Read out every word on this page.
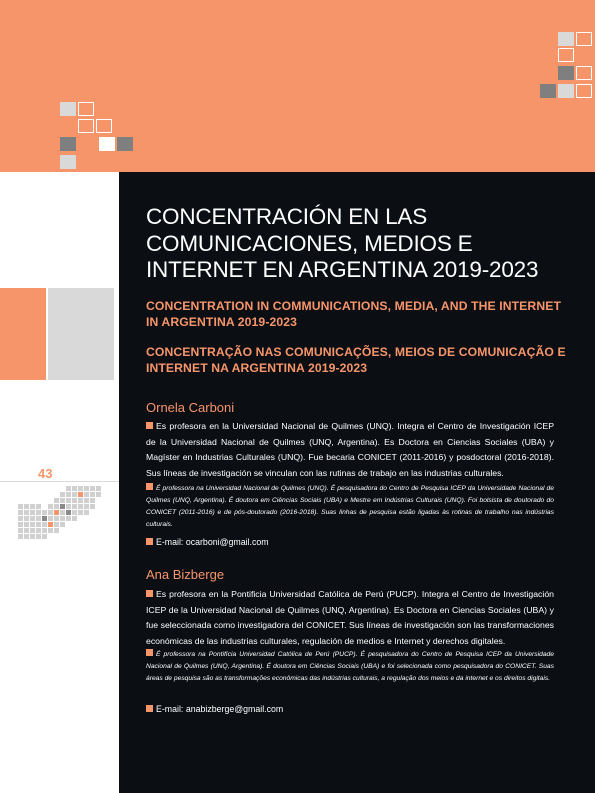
43
CONCENTRACIÓN EN LAS COMUNICACIONES, MEDIOS E INTERNET EN ARGENTINA 2019-2023
CONCENTRATION IN COMMUNICATIONS, MEDIA, AND THE INTERNET IN ARGENTINA 2019-2023
CONCENTRAÇÃO NAS COMUNICAÇÕES, MEIOS DE COMUNICAÇÃO E INTERNET NA ARGENTINA 2019-2023
Ornela Carboni

Es profesora en la Universidad Nacional de Quilmes (UNQ). Integra el Centro de Investigación ICEP de la Universidad Nacional de Quilmes (UNQ, Argentina). Es Doctora en Ciencias Sociales (UBA) y Magíster en Industrias Culturales (UNQ). Fue becaria CONICET (2011-2016) y posdoctoral (2016-2018). Sus líneas de investigación se vinculan con las rutinas de trabajo en las industrias culturales.

É professora na Universidad Nacional de Quilmes (UNQ). É pesquisadora do Centro de Pesquisa ICEP da Universidade Nacional de Quilmes (UNQ, Argentina). É doutora em Ciências Sociais (UBA) e Mestre em Indústrias Culturais (UNQ). Foi bolsista de doutorado do CONICET (2011-2016) e de pós-doutorado (2016-2018). Suas linhas de pesquisa estão ligadas às rotinas de trabalho nas indústrias culturais.

E-mail: ocarboni@gmail.com

Ana Bizberge

Es profesora en la Pontificia Universidad Católica de Perú (PUCP). Integra el Centro de Investigación ICEP de la Universidad Nacional de Quilmes (UNQ, Argentina). Es Doctora en Ciencias Sociales (UBA) y fue seleccionada como investigadora del CONICET. Sus líneas de investigación son las transformaciones económicas de las industrias culturales, regulación de medios e Internet y derechos digitales.

É professora na Pontifícia Universidad Católica de Perú (PUCP). É pesquisadora do Centro de Pesquisa ICEP da Universidade Nacional de Quilmes (UNQ, Argentina). É doutora em Ciências Sociais (UBA) e foi selecionada como pesquisadora do CONICET. Suas áreas de pesquisa são as transformações econômicas das indústrias culturais, a regulação dos meios e da internet e os direitos digitais.

E-mail: anabizberge@gmail.com
